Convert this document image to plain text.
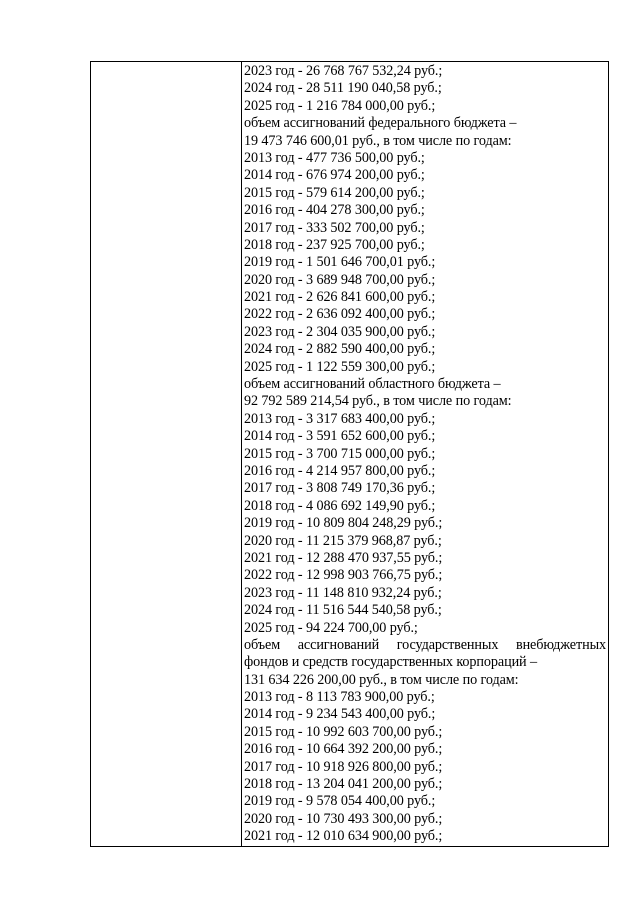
2023 год - 26 768 767 532,24 руб.;
2024 год - 28 511 190 040,58 руб.;
2025 год - 1 216 784 000,00 руб.;
объем ассигнований федерального бюджета –
19 473 746 600,01 руб., в том числе по годам:
2013 год - 477 736 500,00 руб.;
2014 год - 676 974 200,00 руб.;
2015 год - 579 614 200,00 руб.;
2016 год - 404 278 300,00 руб.;
2017 год - 333 502 700,00 руб.;
2018 год - 237 925 700,00 руб.;
2019 год - 1 501 646 700,01 руб.;
2020 год - 3 689 948 700,00 руб.;
2021 год - 2 626 841 600,00 руб.;
2022 год - 2 636 092 400,00 руб.;
2023 год - 2 304 035 900,00 руб.;
2024 год - 2 882 590 400,00 руб.;
2025 год - 1 122 559 300,00 руб.;
объем ассигнований областного бюджета –
92 792 589 214,54 руб., в том числе по годам:
2013 год - 3 317 683 400,00 руб.;
2014 год - 3 591 652 600,00 руб.;
2015 год - 3 700 715 000,00 руб.;
2016 год - 4 214 957 800,00 руб.;
2017 год - 3 808 749 170,36 руб.;
2018 год - 4 086 692 149,90 руб.;
2019 год - 10 809 804 248,29 руб.;
2020 год - 11 215 379 968,87 руб.;
2021 год - 12 288 470 937,55 руб.;
2022 год - 12 998 903 766,75 руб.;
2023 год - 11 148 810 932,24 руб.;
2024 год - 11 516 544 540,58 руб.;
2025 год - 94 224 700,00 руб.;
объем ассигнований государственных внебюджетных
фондов и средств государственных корпораций –
131 634 226 200,00 руб., в том числе по годам:
2013 год - 8 113 783 900,00 руб.;
2014 год - 9 234 543 400,00 руб.;
2015 год - 10 992 603 700,00 руб.;
2016 год - 10 664 392 200,00 руб.;
2017 год - 10 918 926 800,00 руб.;
2018 год - 13 204 041 200,00 руб.;
2019 год - 9 578 054 400,00 руб.;
2020 год - 10 730 493 300,00 руб.;
2021 год - 12 010 634 900,00 руб.;
